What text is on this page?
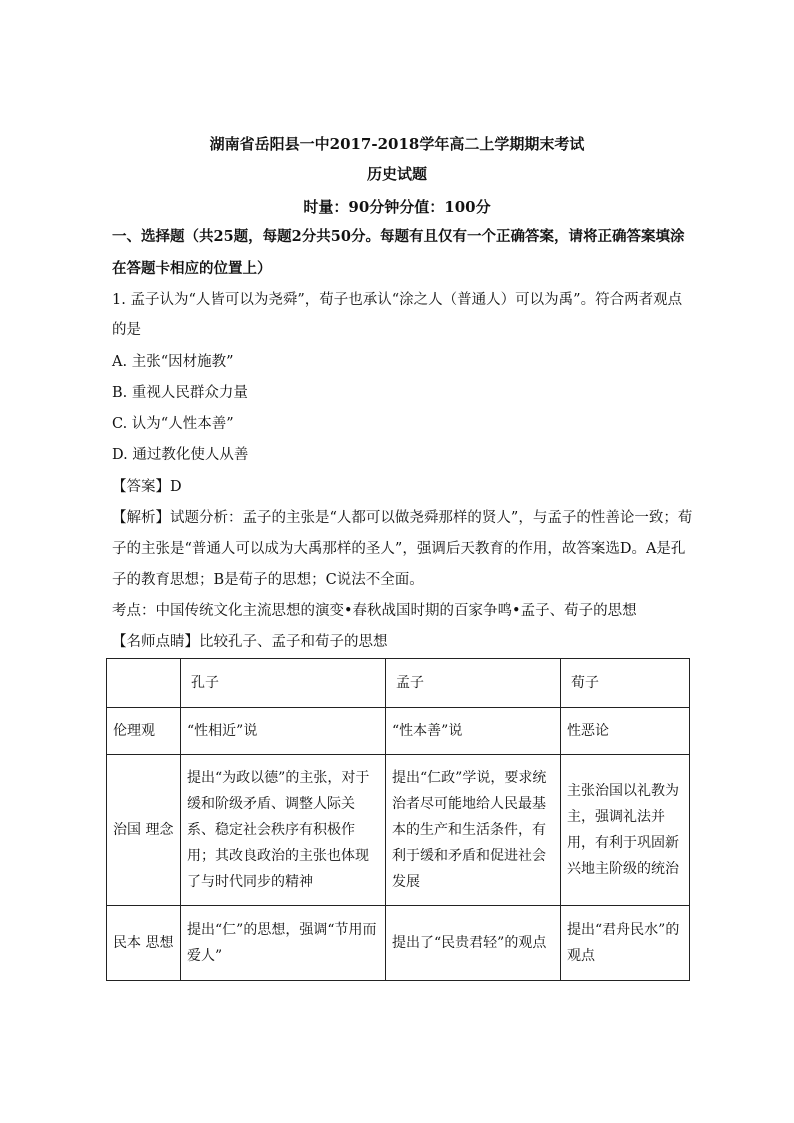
湖南省岳阳县一中2017-2018学年高二上学期期末考试
历史试题
时量：90分钟分值：100分
一、选择题（共25题，每题2分共50分。每题有且仅有一个正确答案，请将正确答案填涂
在答题卡相应的位置上）
1. 孟子认为“人皆可以为尧舜”，荀子也承认“涂之人（普通人）可以为禹”。符合两者观点
的是
A. 主张“因材施教”
B. 重视人民群众力量
C. 认为“人性本善”
D. 通过教化使人从善
【答案】D
【解析】试题分析：孟子的主张是“人都可以做尧舜那样的贤人”，与孟子的性善论一致；荀
子的主张是“普通人可以成为大禹那样的圣人”，强调后天教育的作用，故答案选D。A是孔
子的教育思想；B是荀子的思想；C说法不全面。
考点：中国传统文化主流思想的演变•春秋战国时期的百家争鸣•孟子、荀子的思想
【名师点睛】比较孔子、孟子和荀子的思想
	孔子	孟子	荀子
伦理观	“性相近”说	“性本善”说	性恶论
治国 理念	提出“为政以德”的主张，对于缓和阶级矛盾、调整人际关系、稳定社会秩序有积极作用；其改良政治的主张也体现了与时代同步的精神	提出“仁政”学说，要求统治者尽可能地给人民最基本的生产和生活条件，有利于缓和矛盾和促进社会发展	主张治国以礼教为主，强调礼法并用，有利于巩固新兴地主阶级的统治
民本 思想	提出“仁”的思想，强调“节用而爱人”	提出了“民贵君轻”的观点	提出“君舟民水”的观点
